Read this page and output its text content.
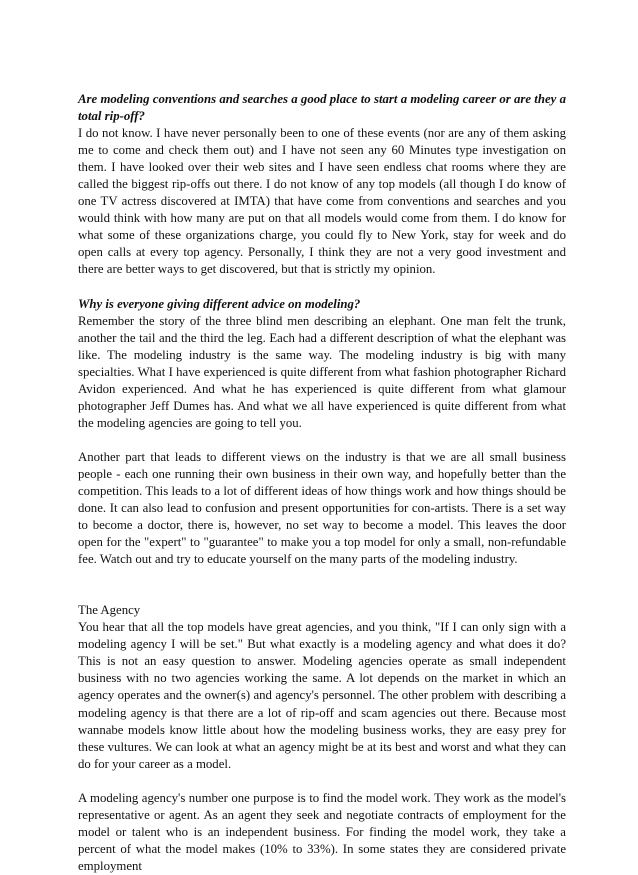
Are modeling conventions and searches a good place to start a modeling career or are they a total rip-off?

I do not know. I have never personally been to one of these events (nor are any of them asking me to come and check them out) and I have not seen any 60 Minutes type investigation on them. I have looked over their web sites and I have seen endless chat rooms where they are called the biggest rip-offs out there. I do not know of any top models (all though I do know of one TV actress discovered at IMTA) that have come from conventions and searches and you would think with how many are put on that all models would come from them. I do know for what some of these organizations charge, you could fly to New York, stay for week and do open calls at every top agency. Personally, I think they are not a very good investment and there are better ways to get discovered, but that is strictly my opinion.

Why is everyone giving different advice on modeling?

Remember the story of the three blind men describing an elephant. One man felt the trunk, another the tail and the third the leg. Each had a different description of what the elephant was like. The modeling industry is the same way. The modeling industry is big with many specialties. What I have experienced is quite different from what fashion photographer Richard Avidon experienced. And what he has experienced is quite different from what glamour photographer Jeff Dumes has. And what we all have experienced is quite different from what the modeling agencies are going to tell you.

Another part that leads to different views on the industry is that we are all small business people - each one running their own business in their own way, and hopefully better than the competition. This leads to a lot of different ideas of how things work and how things should be done. It can also lead to confusion and present opportunities for con-artists. There is a set way to become a doctor, there is, however, no set way to become a model. This leaves the door open for the "expert" to "guarantee" to make you a top model for only a small, non-refundable fee. Watch out and try to educate yourself on the many parts of the modeling industry.

The Agency

You hear that all the top models have great agencies, and you think, "If I can only sign with a modeling agency I will be set." But what exactly is a modeling agency and what does it do? This is not an easy question to answer. Modeling agencies operate as small independent business with no two agencies working the same. A lot depends on the market in which an agency operates and the owner(s) and agency's personnel. The other problem with describing a modeling agency is that there are a lot of rip-off and scam agencies out there. Because most wannabe models know little about how the modeling business works, they are easy prey for these vultures. We can look at what an agency might be at its best and worst and what they can do for your career as a model.

A modeling agency's number one purpose is to find the model work. They work as the model's representative or agent. As an agent they seek and negotiate contracts of employment for the model or talent who is an independent business. For finding the model work, they take a percent of what the model makes (10% to 33%). In some states they are considered private employment
